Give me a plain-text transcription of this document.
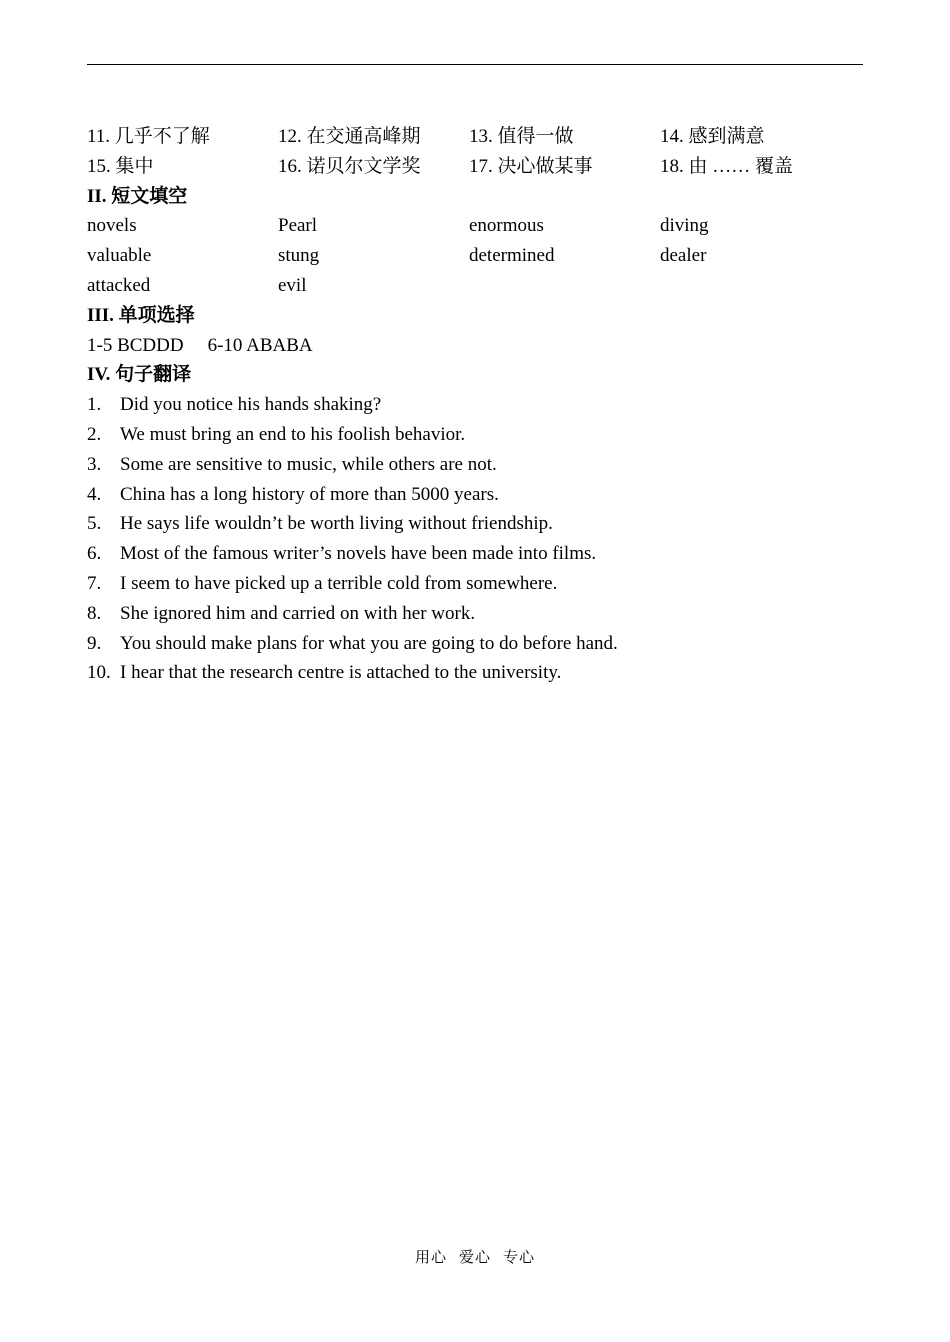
11. 几乎不了解	12. 在交通高峰期	13. 值得一做	14. 感到满意
15. 集中	16. 诺贝尔文学奖	17. 决心做某事	18. 由 …… 覆盖
II. 短文填空
novels	Pearl	enormous	diving
valuable	stung	determined	dealer
attacked	evil
III. 单项选择
1-5 BCDDD 6-10 ABABA
IV. 句子翻译
1. Did you notice his hands shaking?
2. We must bring an end to his foolish behavior.
3. Some are sensitive to music, while others are not.
4. China has a long history of more than 5000 years.
5. He says life wouldn’t be worth living without friendship.
6. Most of the famous writer’s novels have been made into films.
7. I seem to have picked up a terrible cold from somewhere.
8. She ignored him and carried on with her work.
9. You should make plans for what you are going to do before hand.
10. I hear that the research centre is attached to the university.
用心 爱心 专心
